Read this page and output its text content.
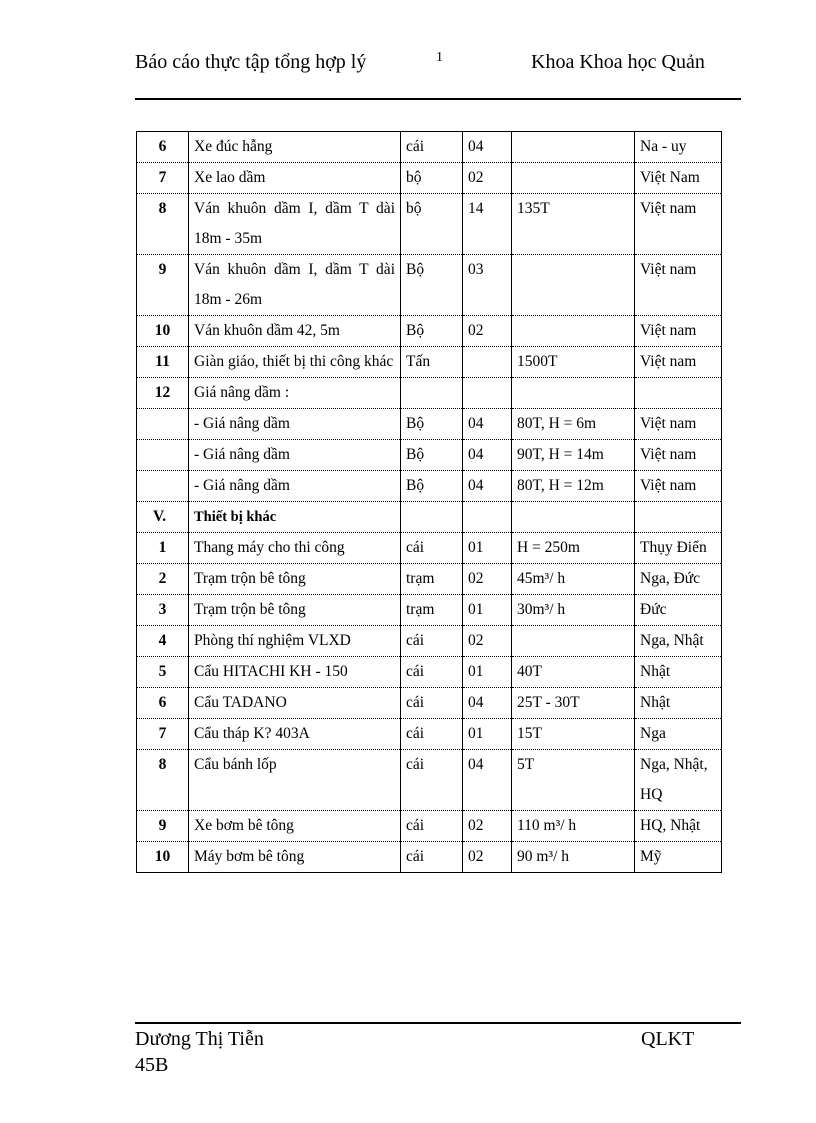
Báo cáo thực tập tổng hợp lý	1	Khoa Khoa học Quản
6	Xe đúc hẫng	cái	04		Na - uy
7	Xe lao dầm	bộ	02		Việt Nam
8	Ván khuôn dầm I, dầm T dài 18m - 35m	bộ	14	135T	Việt nam
9	Ván khuôn dầm I, dầm T dài 18m - 26m	Bộ	03		Việt nam
10	Ván khuôn dầm 42, 5m	Bộ	02		Việt nam
11	Giàn giáo, thiết bị thi công khác	Tấn		1500T	Việt nam
12	Giá nâng dầm :				
	- Giá nâng dầm	Bộ	04	80T, H = 6m	Việt nam
	- Giá nâng dầm	Bộ	04	90T, H = 14m	Việt nam
	- Giá nâng dầm	Bộ	04	80T, H = 12m	Việt nam
V.	Thiết bị khác				
1	Thang máy cho thi công	cái	01	H = 250m	Thụy Điển
2	Trạm trộn bê tông	trạm	02	45m³/ h	Nga, Đức
3	Trạm trộn bê tông	trạm	01	30m³/ h	Đức
4	Phòng thí nghiệm VLXD	cái	02		Nga, Nhật
5	Cẩu HITACHI KH - 150	cái	01	40T	Nhật
6	Cẩu TADANO	cái	04	25T - 30T	Nhật
7	Cẩu tháp K? 403A	cái	01	15T	Nga
8	Cẩu bánh lốp	cái	04	5T	Nga, Nhật, HQ
9	Xe bơm bê tông	cái	02	110 m³/ h	HQ, Nhật
10	Máy bơm bê tông	cái	02	90 m³/ h	Mỹ
Dương Thị Tiễn 45B
QLKT
